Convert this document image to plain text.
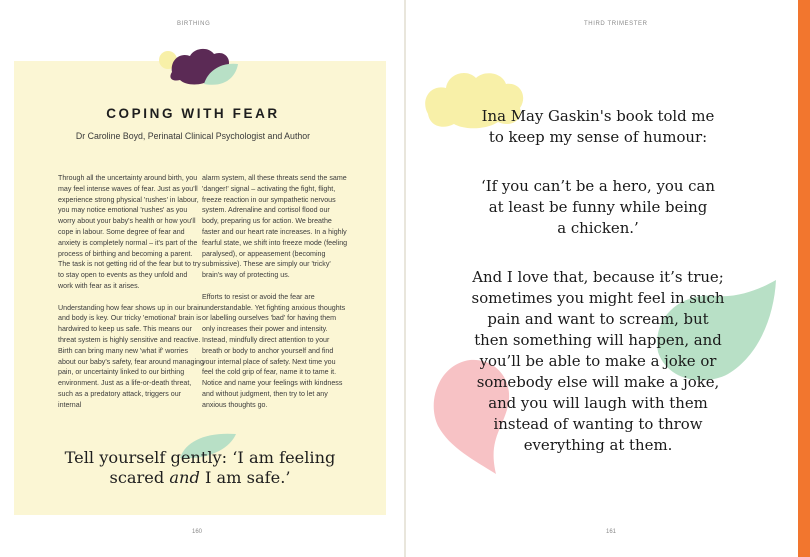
BIRTHING
COPING WITH FEAR
Dr Caroline Boyd, Perinatal Clinical Psychologist and Author

Through all the uncertainty around birth, you may feel intense waves of fear. Just as you'll experience strong physical 'rushes' in labour, you may notice emotional 'rushes' as you worry about your baby's health or how you'll cope in labour. Some degree of fear and anxiety is completely normal – it's part of the process of birthing and becoming a parent. The task is not getting rid of the fear but to try to stay open to events as they unfold and work with fear as it arises.

Understanding how fear shows up in our brain and body is key. Our tricky 'emotional' brain is hardwired to keep us safe. This means our threat system is highly sensitive and reactive. Birth can bring many new 'what if' worries about our baby's safety, fear around managing pain, or uncertainty linked to our birthing environment. Just as a life-or-death threat, such as a predatory attack, triggers our internal

alarm system, all these threats send the same 'danger!' signal – activating the fight, flight, freeze reaction in our sympathetic nervous system. Adrenaline and cortisol flood our body, preparing us for action. We breathe faster and our heart rate increases. In a highly fearful state, we shift into freeze mode (feeling paralysed), or appeasement (becoming submissive). These are simply our 'tricky' brain's way of protecting us.

Efforts to resist or avoid the fear are understandable. Yet fighting anxious thoughts or labelling ourselves 'bad' for having them only increases their power and intensity. Instead, mindfully direct attention to your breath or body to anchor yourself and find your internal place of safety. Next time you feel the cold grip of fear, name it to tame it. Notice and name your feelings with kindness and without judgment, then try to let any anxious thoughts go.

Tell yourself gently: ‘I am feeling
scared and I am safe.’
160
THIRD TRIMESTER
Ina May Gaskin's book told me
to keep my sense of humour:
‘If you can’t be a hero, you can
at least be funny while being
a chicken.’
And I love that, because it’s true;
sometimes you might feel in such
pain and want to scream, but
then something will happen, and
you’ll be able to make a joke or
somebody else will make a joke,
and you will laugh with them
instead of wanting to throw
everything at them.
161
